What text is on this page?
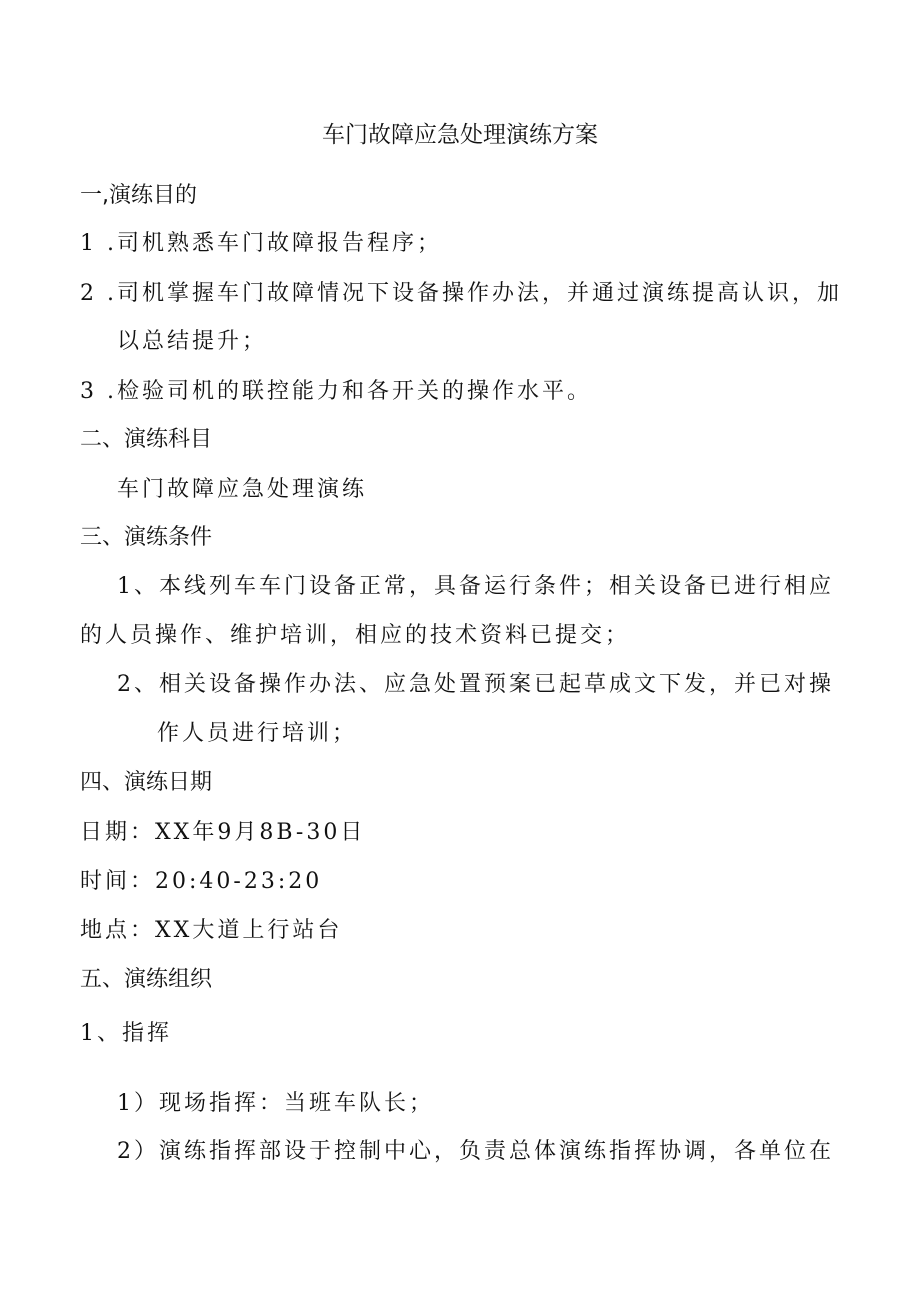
车门故障应急处理演练方案
一,演练目的
1 .司机熟悉车门故障报告程序；
2 .司机掌握车门故障情况下设备操作办法，并通过演练提高认识，加
以总结提升；
3 .检验司机的联控能力和各开关的操作水平。
二、演练科目
车门故障应急处理演练
三、演练条件
1、本线列车车门设备正常，具备运行条件；相关设备已进行相应
的人员操作、维护培训，相应的技术资料已提交；
2、相关设备操作办法、应急处置预案已起草成文下发，并已对操
作人员进行培训；
四、演练日期
日期：XX年9月8B-30日
时间：20:40-23:20
地点：XX大道上行站台
五、演练组织
1、指挥
1）现场指挥：当班车队长；
2）演练指挥部设于控制中心，负责总体演练指挥协调，各单位在
